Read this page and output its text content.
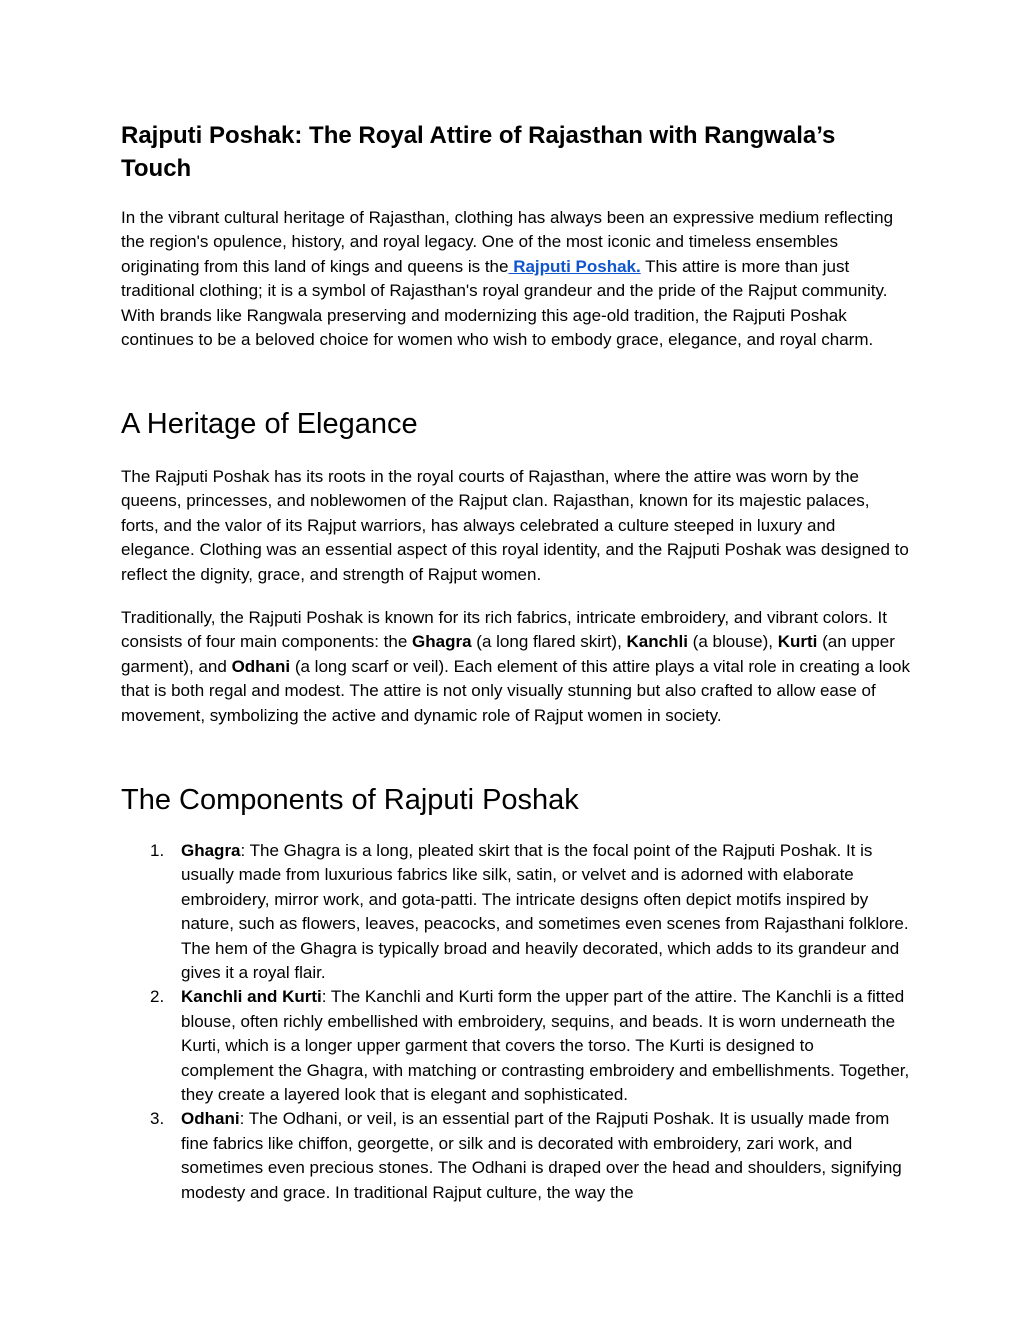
Rajputi Poshak: The Royal Attire of Rajasthan with Rangwala’s Touch

In the vibrant cultural heritage of Rajasthan, clothing has always been an expressive medium reflecting the region's opulence, history, and royal legacy. One of the most iconic and timeless ensembles originating from this land of kings and queens is the Rajputi Poshak. This attire is more than just traditional clothing; it is a symbol of Rajasthan's royal grandeur and the pride of the Rajput community. With brands like Rangwala preserving and modernizing this age-old tradition, the Rajputi Poshak continues to be a beloved choice for women who wish to embody grace, elegance, and royal charm.

A Heritage of Elegance

The Rajputi Poshak has its roots in the royal courts of Rajasthan, where the attire was worn by the queens, princesses, and noblewomen of the Rajput clan. Rajasthan, known for its majestic palaces, forts, and the valor of its Rajput warriors, has always celebrated a culture steeped in luxury and elegance. Clothing was an essential aspect of this royal identity, and the Rajputi Poshak was designed to reflect the dignity, grace, and strength of Rajput women.

Traditionally, the Rajputi Poshak is known for its rich fabrics, intricate embroidery, and vibrant colors. It consists of four main components: the Ghagra (a long flared skirt), Kanchli (a blouse), Kurti (an upper garment), and Odhani (a long scarf or veil). Each element of this attire plays a vital role in creating a look that is both regal and modest. The attire is not only visually stunning but also crafted to allow ease of movement, symbolizing the active and dynamic role of Rajput women in society.

The Components of Rajputi Poshak
1. Ghagra: The Ghagra is a long, pleated skirt that is the focal point of the Rajputi Poshak. It is usually made from luxurious fabrics like silk, satin, or velvet and is adorned with elaborate embroidery, mirror work, and gota-patti. The intricate designs often depict motifs inspired by nature, such as flowers, leaves, peacocks, and sometimes even scenes from Rajasthani folklore. The hem of the Ghagra is typically broad and heavily decorated, which adds to its grandeur and gives it a royal flair.
2. Kanchli and Kurti: The Kanchli and Kurti form the upper part of the attire. The Kanchli is a fitted blouse, often richly embellished with embroidery, sequins, and beads. It is worn underneath the Kurti, which is a longer upper garment that covers the torso. The Kurti is designed to complement the Ghagra, with matching or contrasting embroidery and embellishments. Together, they create a layered look that is elegant and sophisticated.
3. Odhani: The Odhani, or veil, is an essential part of the Rajputi Poshak. It is usually made from fine fabrics like chiffon, georgette, or silk and is decorated with embroidery, zari work, and sometimes even precious stones. The Odhani is draped over the head and shoulders, signifying modesty and grace. In traditional Rajput culture, the way the
